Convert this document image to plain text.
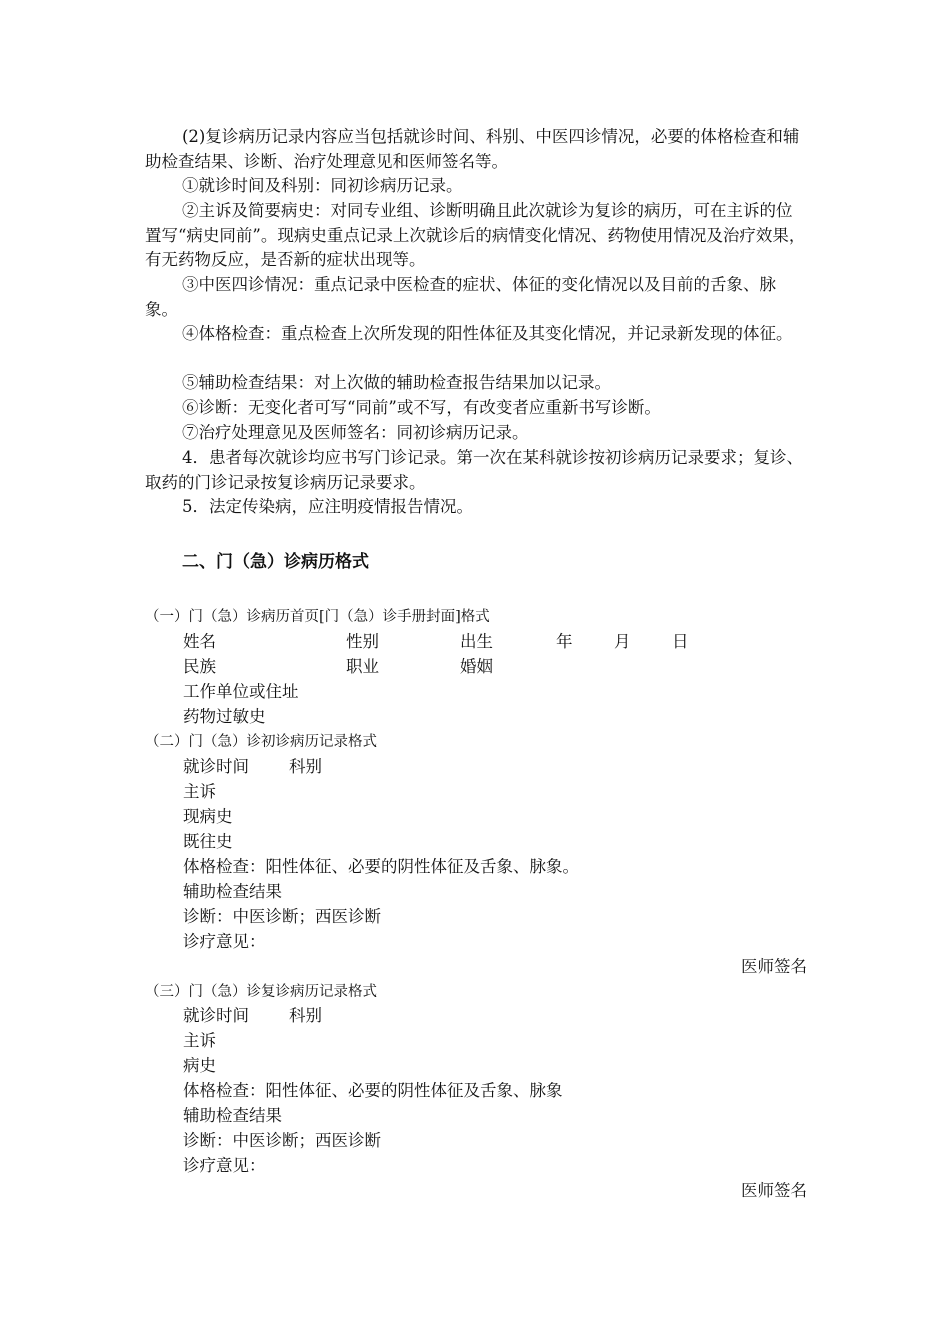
(2)复诊病历记录内容应当包括就诊时间、科别、中医四诊情况，必要的体格检查和辅助检查结果、诊断、治疗处理意见和医师签名等。
①就诊时间及科别：同初诊病历记录。
②主诉及简要病史：对同专业组、诊断明确且此次就诊为复诊的病历，可在主诉的位置写“病史同前”。现病史重点记录上次就诊后的病情变化情况、药物使用情况及治疗效果，有无药物反应，是否新的症状出现等。
③中医四诊情况：重点记录中医检查的症状、体征的变化情况以及目前的舌象、脉象。
④体格检查：重点检查上次所发现的阳性体征及其变化情况，并记录新发现的体征。
⑤辅助检查结果：对上次做的辅助检查报告结果加以记录。
⑥诊断：无变化者可写“同前”或不写，有改变者应重新书写诊断。
⑦治疗处理意见及医师签名：同初诊病历记录。
4．患者每次就诊均应书写门诊记录。第一次在某科就诊按初诊病历记录要求；复诊、取药的门诊记录按复诊病历记录要求。
5．法定传染病，应注明疫情报告情况。
二、门（急）诊病历格式
（一）门（急）诊病历首页[门（急）诊手册封面]格式
姓名	性别	出生	年	月	日
民族	职业	婚姻
工作单位或住址
药物过敏史
（二）门（急）诊初诊病历记录格式
就诊时间 科别
主诉
现病史
既往史
体格检查：阳性体征、必要的阴性体征及舌象、脉象。
辅助检查结果
诊断：中医诊断；西医诊断
诊疗意见：
医师签名
（三）门（急）诊复诊病历记录格式
就诊时间 科别
主诉
病史
体格检查：阳性体征、必要的阴性体征及舌象、脉象
辅助检查结果
诊断：中医诊断；西医诊断
诊疗意见：
医师签名
